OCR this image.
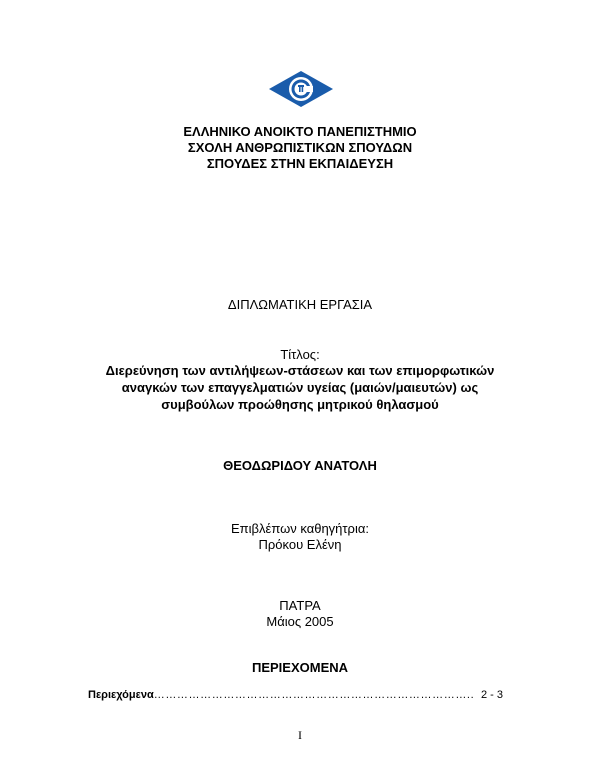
ΕΛΛΗΝΙΚΟ ΑΝΟΙΚΤΟ ΠΑΝΕΠΙΣΤΗΜΙΟ
ΣΧΟΛΗ ΑΝΘΡΩΠΙΣΤΙΚΩΝ ΣΠΟΥΔΩΝ
ΣΠΟΥΔΕΣ ΣΤΗΝ ΕΚΠΑΙΔΕΥΣΗ
ΔΙΠΛΩΜΑΤΙΚΗ ΕΡΓΑΣΙΑ
Τίτλος:
Διερεύνηση των αντιλήψεων-στάσεων και των επιμορφωτικών
αναγκών των επαγγελματιών υγείας (μαιών/μαιευτών) ως
συμβούλων προώθησης μητρικού θηλασμού
ΘΕΟΔΩΡΙΔΟΥ ΑΝΑΤΟΛΗ
Επιβλέπων καθηγήτρια:
Πρόκου Ελένη
ΠΑΤΡΑ
Μάιος 2005
ΠΕΡΙΕΧΟΜΕΝΑ
Περιεχόμενα……………………………………………………………………….. 2 - 3
I
